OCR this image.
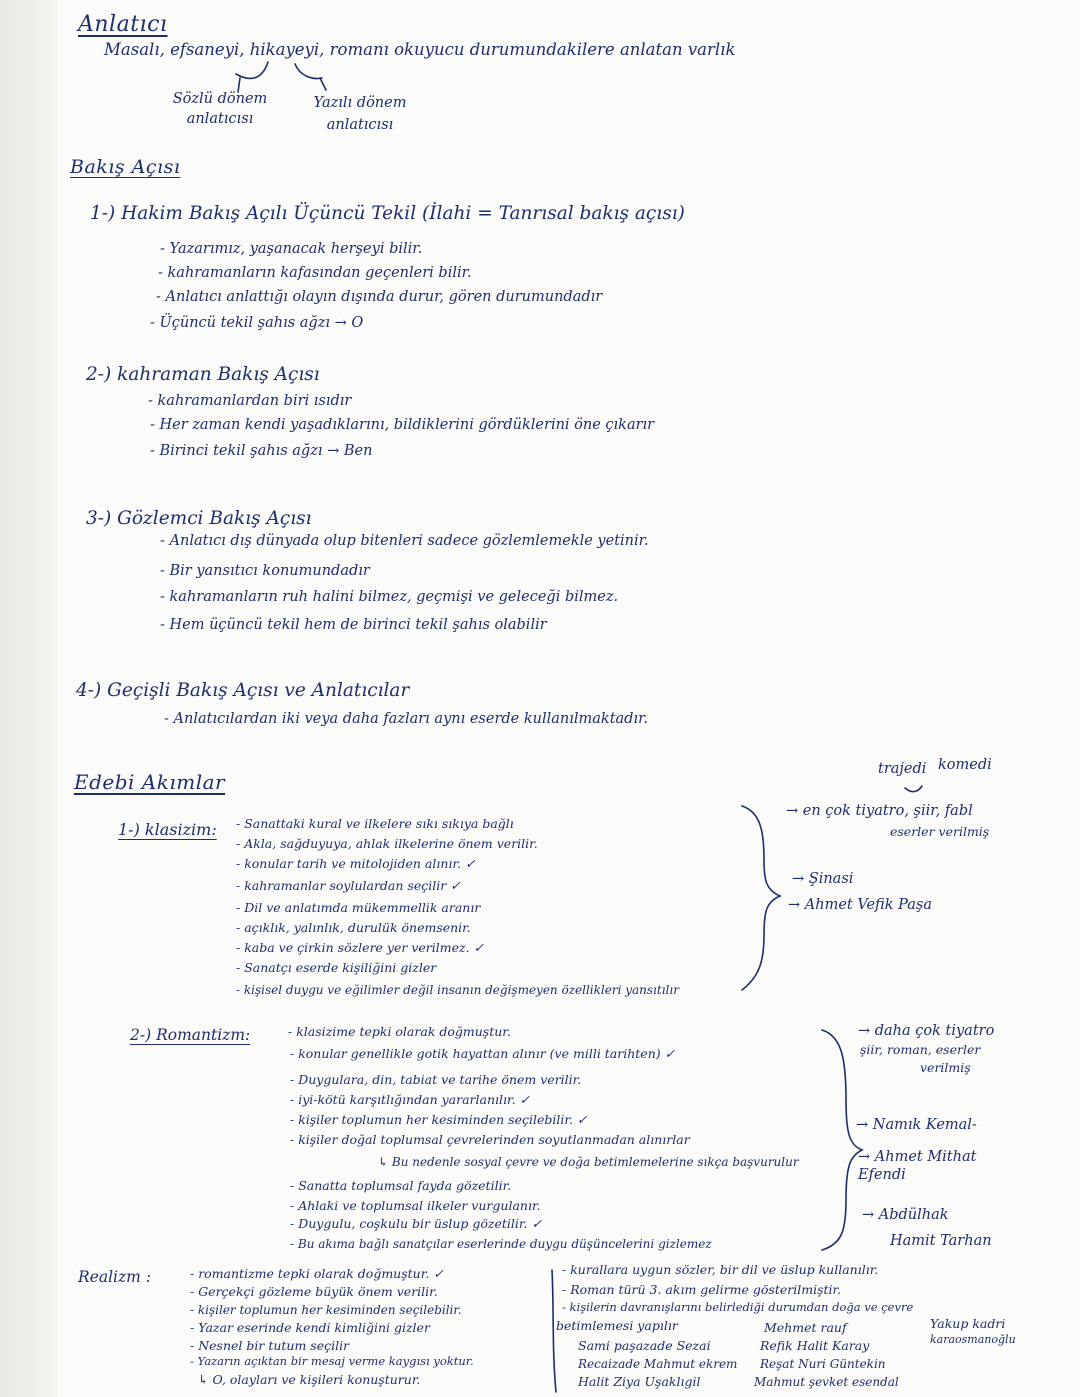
Anlatıcı
Masalı, efsaneyi, hikayeyi, romanı okuyucu durumundakilere anlatan varlık
Sözlü dönem
anlatıcısı
Yazılı dönem
anlatıcısı
Bakış Açısı
1-) Hakim Bakış Açılı Üçüncü Tekil (İlahi = Tanrısal bakış açısı)
- Yazarımız, yaşanacak herşeyi bilir.
- kahramanların kafasından geçenleri bilir.
- Anlatıcı anlattığı olayın dışında durur, gören durumundadır
- Üçüncü tekil şahıs ağzı → O
2-) kahraman Bakış Açısı
- kahramanlardan biri ısıdır
- Her zaman kendi yaşadıklarını, bildiklerini gördüklerini öne çıkarır
- Birinci tekil şahıs ağzı → Ben
3-) Gözlemci Bakış Açısı
- Anlatıcı dış dünyada olup bitenleri sadece gözlemlemekle yetinir.
- Bir yansıtıcı konumundadır
- kahramanların ruh halini bilmez, geçmişi ve geleceği bilmez.
- Hem üçüncü tekil hem de birinci tekil şahıs olabilir
4-) Geçişli Bakış Açısı ve Anlatıcılar
- Anlatıcılardan iki veya daha fazları aynı eserde kullanılmaktadır.
Edebi Akımlar
1-) klasizim: - Sanattaki kural ve ilkelere sıkı sıkıya bağlı
- Akla, sağduyuya, ahlak ilkelerine önem verilir.
- konular tarih ve mitolojiden alınır. ✓
- kahramanlar soylulardan seçilir ✓
- Dil ve anlatımda mükemmellik aranır
- açıklık, yalınlık, durulük önemsenir.
- kaba ve çirkin sözlere yer verilmez. ✓
- Sanatçı eserde kişiliğini gizler
- kişisel duygu ve eğilimler değil insanın değişmeyen özellikleri yansıtılır
trajedi komedi
→ en çok tiyatro, şiir, fabl
eserler verilmiş
→ Şinasi
→ Ahmet Vefik Paşa
2-) Romantizm:	- klasizime tepki olarak doğmuştur.
- konular genellikle gotik hayattan alınır (ve milli tarihten) ✓
- Duygulara, din, tabiat ve tarihe önem verilir.
- iyi-kötü karşıtlığından yararlanılır. ✓
- kişiler toplumun her kesiminden seçilebilir. ✓
- kişiler doğal toplumsal çevrelerinden soyutlanmadan alınırlar
↳ Bu nedenle sosyal çevre ve doğa betimlemelerine sıkça başvurulur
- Sanatta toplumsal fayda gözetilir.
- Ahlaki ve toplumsal ilkeler vurgulanır.
- Duygulu, coşkulu bir üslup gözetilir. ✓
- Bu akıma bağlı sanatçılar eserlerinde duygu düşüncelerini gizlemez
→ daha çok tiyatro
şiir, roman, eserler
verilmiş
→ Namık Kemal-
→ Ahmet Mithat Efendi
→ Abdülhak
Hamit Tarhan
Realizm :	- romantizme tepki olarak doğmuştur. ✓
- Gerçekçi gözleme büyük önem verilir.
- kişiler toplumun her kesiminden seçilebilir.
- Yazar eserinde kendi kimliğini gizler
- Nesnel bir tutum seçilir
- Yazarın açıktan bir mesaj verme kaygısı yoktur.
↳ O, olayları ve kişileri konuşturur.
- kurallara uygun sözler, bir dil ve üslup kullanılır.
- Roman türü 3. akım gelirme gösterilmiştir.
- kişilerin davranışlarını belirlediği durumdan doğa ve çevre
betimlemesi yapılır
Sami paşazade Sezai
Recaizade Mahmut ekrem
Halit Ziya Uşaklıgil
Mehmet rauf
Refik Halit Karay
Reşat Nuri Güntekin
Mahmut şevket esendal
Yakup kadri
karaosmanoğlu
